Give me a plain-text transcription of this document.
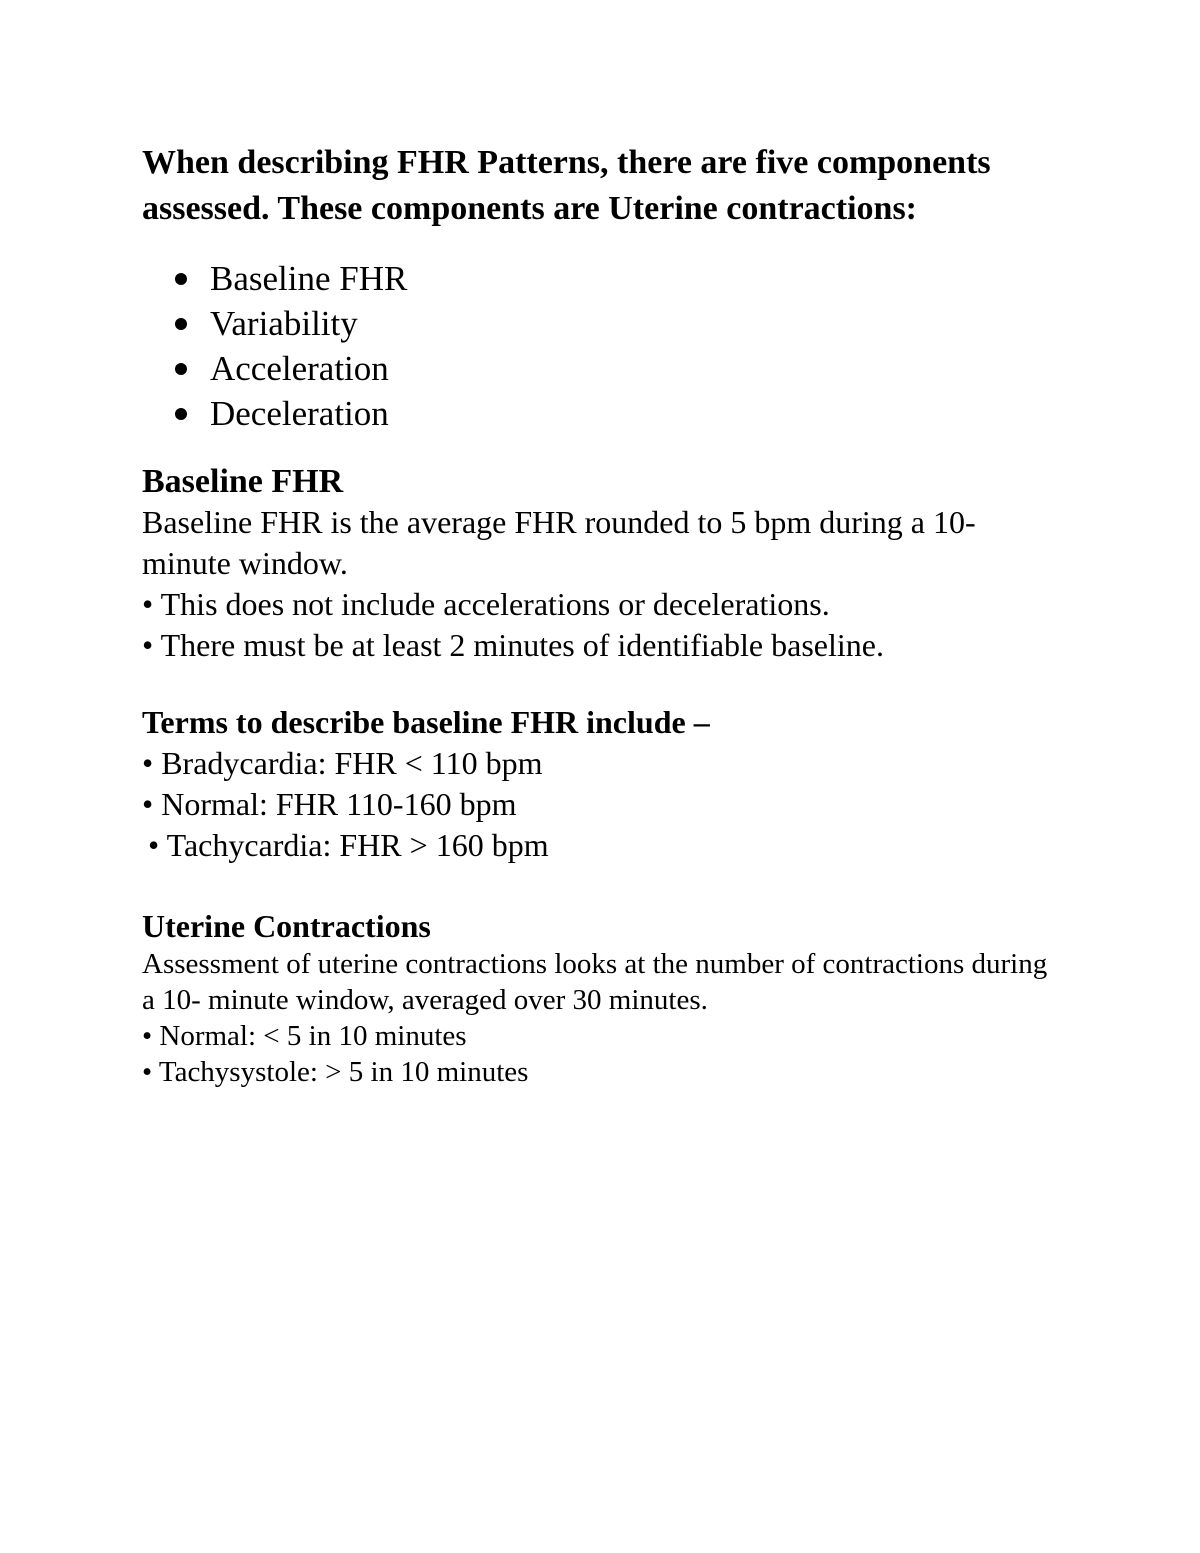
When describing FHR Patterns, there are five components assessed. These components are Uterine contractions:

Baseline FHR
Variability
Acceleration
Deceleration
Baseline FHR

Baseline FHR is the average FHR rounded to 5 bpm during a 10-minute window.

• This does not include accelerations or decelerations.

• There must be at least 2 minutes of identifiable baseline.

Terms to describe baseline FHR include –

• Bradycardia: FHR < 110 bpm

• Normal: FHR 110-160 bpm

• Tachycardia: FHR > 160 bpm

Uterine Contractions

Assessment of uterine contractions looks at the number of contractions during a 10- minute window, averaged over 30 minutes.

• Normal: < 5 in 10 minutes

• Tachysystole: > 5 in 10 minutes
